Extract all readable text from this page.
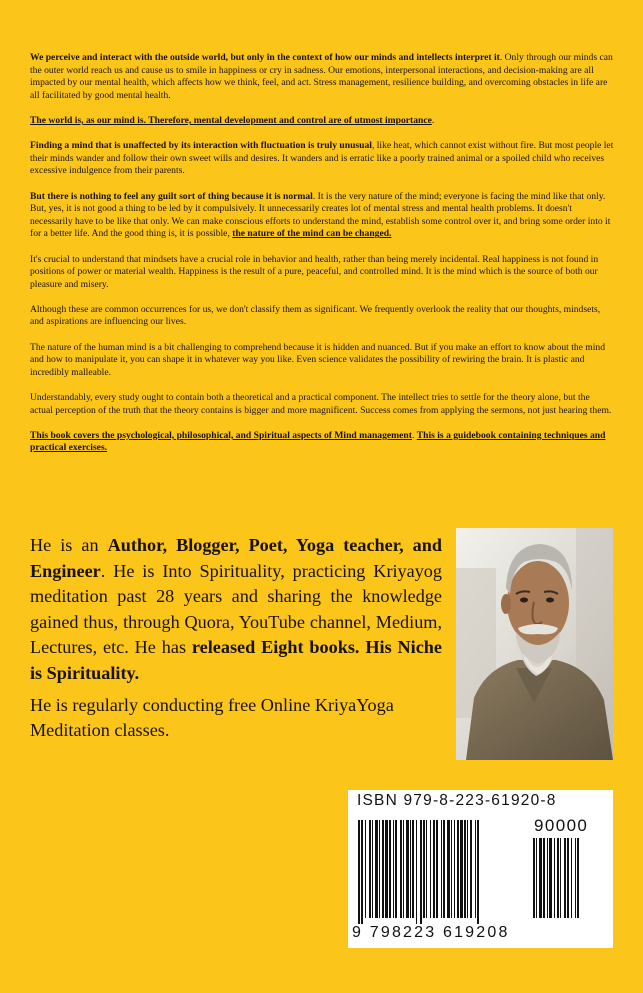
We perceive and interact with the outside world, but only in the context of how our minds and intellects interpret it. Only through our minds can the outer world reach us and cause us to smile in happiness or cry in sadness. Our emotions, interpersonal interactions, and decision-making are all impacted by our mental health, which affects how we think, feel, and act. Stress management, resilience building, and overcoming obstacles in life are all facilitated by good mental health.

The world is, as our mind is. Therefore, mental development and control are of utmost importance.

Finding a mind that is unaffected by its interaction with fluctuation is truly unusual, like heat, which cannot exist without fire. But most people let their minds wander and follow their own sweet wills and desires. It wanders and is erratic like a poorly trained animal or a spoiled child who receives excessive indulgence from their parents.

But there is nothing to feel any guilt sort of thing because it is normal. It is the very nature of the mind; everyone is facing the mind like that only. But, yes, it is not good a thing to be led by it compulsively. It unnecessarily creates lot of mental stress and mental health problems. It doesn't necessarily have to be like that only. We can make conscious efforts to understand the mind, establish some control over it, and bring some order into it for a better life. And the good thing is, it is possible, the nature of the mind can be changed.

It's crucial to understand that mindsets have a crucial role in behavior and health, rather than being merely incidental. Real happiness is not found in positions of power or material wealth. Happiness is the result of a pure, peaceful, and controlled mind. It is the mind which is the source of both our pleasure and misery.

Although these are common occurrences for us, we don't classify them as significant. We frequently overlook the reality that our thoughts, mindsets, and aspirations are influencing our lives.

The nature of the human mind is a bit challenging to comprehend because it is hidden and nuanced. But if you make an effort to know about the mind and how to manipulate it, you can shape it in whatever way you like. Even science validates the possibility of rewiring the brain. It is plastic and incredibly malleable.

Understandably, every study ought to contain both a theoretical and a practical component. The intellect tries to settle for the theory alone, but the actual perception of the truth that the theory contains is bigger and more magnificent. Success comes from applying the sermons, not just hearing them.

This book covers the psychological, philosophical, and Spiritual aspects of Mind management. This is a guidebook containing techniques and practical exercises.

He is an Author, Blogger, Poet, Yoga teacher, and Engineer. He is Into Spirituality, practicing Kriyayog meditation past 28 years and sharing the knowledge gained thus, through Quora, YouTube channel, Medium, Lectures, etc. He has released Eight books. His Niche is Spirituality.

He is regularly conducting free Online KriyaYoga Meditation classes.

ISBN 979-8-223-61920-8
90000
9 798223 619208
